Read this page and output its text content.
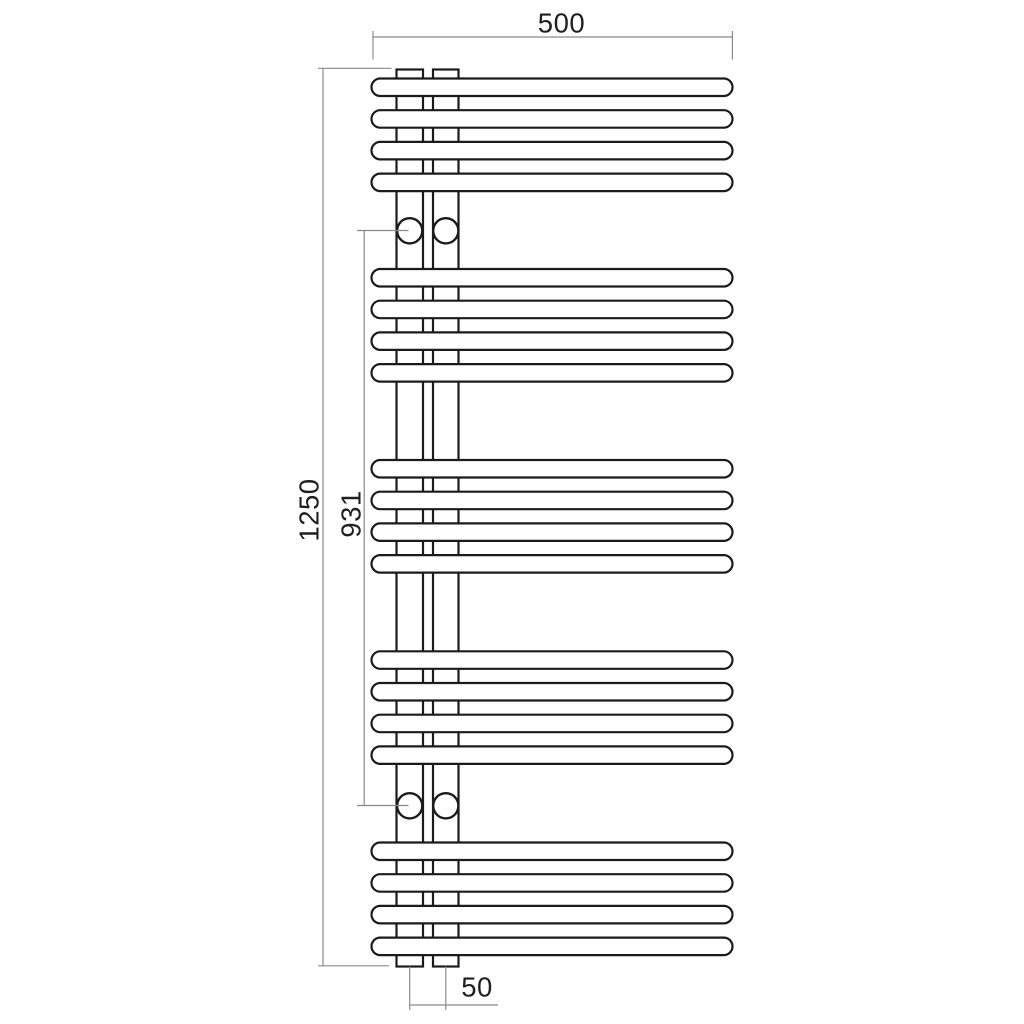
500
1250 931
50
